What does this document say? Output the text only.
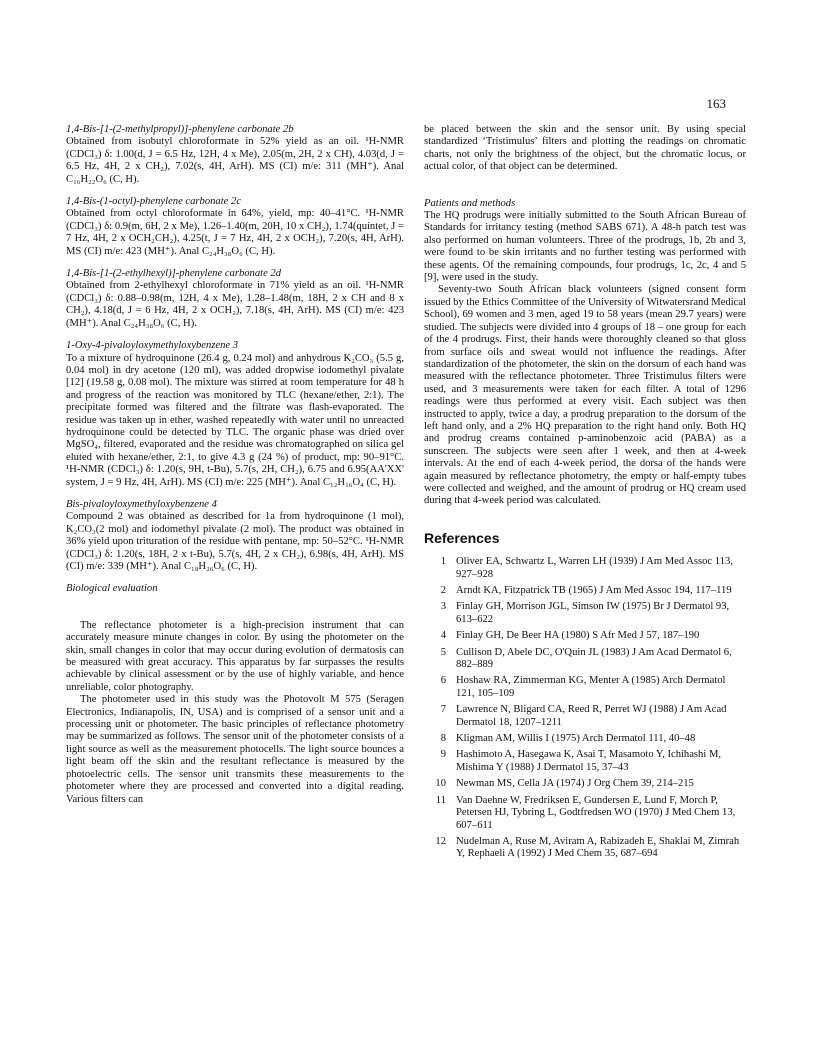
163

1,4-Bis-[1-(2-methylpropyl)]-phenylene carbonate 2b

Obtained from isobutyl chloroformate in 52% yield as an oil. ¹H-NMR (CDCl₃) δ: 1.00(d, J = 6.5 Hz, 12H, 4 x Me), 2.05(m, 2H, 2 x CH), 4.03(d, J = 6.5 Hz, 4H, 2 x CH₂), 7.02(s, 4H, ArH). MS (CI) m/e: 311 (MH⁺). Anal C₁₆H₂₂O₆ (C, H).

1,4-Bis-(1-octyl)-phenylene carbonate 2c

Obtained from octyl chloroformate in 64%, yield, mp: 40–41°C. ¹H-NMR (CDCl₃) δ: 0.9(m, 6H, 2 x Me), 1.26–1.40(m, 20H, 10 x CH₂), 1.74(quintet, J = 7 Hz, 4H, 2 x OCH₂CH₂), 4.25(t, J = 7 Hz, 4H, 2 x OCH₂), 7.20(s, 4H, ArH). MS (CI) m/e: 423 (MH⁺). Anal C₂₄H₃₈O₆ (C, H).

1,4-Bis-[1-(2-ethylhexyl)]-phenylene carbonate 2d

Obtained from 2-ethylhexyl chloroformate in 71% yield as an oil. ¹H-NMR (CDCl₃) δ: 0.88–0.98(m, 12H, 4 x Me), 1.28–1.48(m, 18H, 2 x CH and 8 x CH₂), 4.18(d, J = 6 Hz, 4H, 2 x OCH₂), 7.18(s, 4H, ArH). MS (CI) m/e: 423 (MH⁺). Anal C₂₄H₃₈O₆ (C, H).

1-Oxy-4-pivaloyloxymethyloxybenzene 3

To a mixture of hydroquinone (26.4 g, 0.24 mol) and anhydrous K₂CO₃ (5.5 g, 0.04 mol) in dry acetone (120 ml), was added dropwise iodomethyl pivalate [12] (19.58 g, 0.08 mol). The mixture was stirred at room temperature for 48 h and progress of the reaction was monitored by TLC (hexane/ether, 2:1). The precipitate formed was filtered and the filtrate was flash-evaporated. The residue was taken up in ether, washed repeatedly with water until no unreacted hydroquinone could be detected by TLC. The organic phase was dried over MgSO₄, filtered, evaporated and the residue was chromatographed on silica gel eluted with hexane/ether, 2:1, to give 4.3 g (24 %) of product, mp: 90–91°C. ¹H-NMR (CDCl₃) δ: 1.20(s, 9H, t-Bu), 5.7(s, 2H, CH₂), 6.75 and 6.95(AA'XX' system, J = 9 Hz, 4H, ArH). MS (CI) m/e: 225 (MH⁺). Anal C₁₂H₁₆O₄ (C, H).

Bis-pivaloyloxymethyloxybenzene 4

Compound 2 was obtained as described for 1a from hydroquinone (1 mol), K₂CO₃(2 mol) and iodomethyl pivalate (2 mol). The product was obtained in 36% yield upon trituration of the residue with pentane, mp: 50–52°C. ¹H-NMR (CDCl₃) δ: 1.20(s, 18H, 2 x t-Bu), 5.7(s, 4H, 2 x CH₂), 6.98(s, 4H, ArH). MS (CI) m/e: 339 (MH⁺). Anal C₁₈H₂₆O₆ (C, H).

Biological evaluation

The reflectance photometer is a high-precision instrument that can accurately measure minute changes in color. By using the photometer on the skin, small changes in color that may occur during evolution of dermatosis can be measured with great accuracy. This apparatus by far surpasses the results achievable by clinical assessment or by the use of highly variable, and hence unreliable, color photography.

The photometer used in this study was the Photovolt M 575 (Seragen Electronics, Indianapolis, IN, USA) and is comprised of a sensor unit and a processing unit or photometer. The basic principles of reflectance photometry may be summarized as follows. The sensor unit of the photometer consists of a light source as well as the measurement photocells. The light source bounces a light beam off the skin and the resultant reflectance is measured by the photoelectric cells. The sensor unit transmits these measurements to the photometer where they are processed and converted into a digital reading. Various filters can

be placed between the skin and the sensor unit. By using special standardized ‘Tristimulus’ filters and plotting the readings on chromatic charts, not only the brightness of the object, but the chromatic locus, or actual color, of that object can be determined.

Patients and methods

The HQ prodrugs were initially submitted to the South African Bureau of Standards for irritancy testing (method SABS 671). A 48-h patch test was also performed on human volunteers. Three of the prodrugs, 1b, 2b and 3, were found to be skin irritants and no further testing was performed with these agents. Of the remaining compounds, four prodrugs, 1c, 2c, 4 and 5 [9], were used in the study.

Seventy-two South African black volunteers (signed consent form issued by the Ethics Committee of the University of Witwatersrand Medical School), 69 women and 3 men, aged 19 to 58 years (mean 29.7 years) were studied. The subjects were divided into 4 groups of 18 – one group for each of the 4 prodrugs. First, their hands were thoroughly cleaned so that gloss from surface oils and sweat would not influence the readings. After standardization of the photometer, the skin on the dorsum of each hand was measured with the reflectance photometer. Three Tristimulus filters were used, and 3 measurements were taken for each filter. A total of 1296 readings were thus performed at every visit. Each subject was then instructed to apply, twice a day, a prodrug preparation to the dorsum of the left hand only, and a 2% HQ preparation to the right hand only. Both HQ and prodrug creams contained p-aminobenzoic acid (PABA) as a sunscreen. The subjects were seen after 1 week, and then at 4-week intervals. At the end of each 4-week period, the dorsa of the hands were again measured by reflectance photometry, the empty or half-empty tubes were collected and weighed, and the amount of prodrug or HQ cream used during that 4-week period was calculated.

References

1 Oliver EA, Schwartz L, Warren LH (1939) J Am Med Assoc 113, 927–928
2 Arndt KA, Fitzpatrick TB (1965) J Am Med Assoc 194, 117–119
3 Finlay GH, Morrison JGL, Simson IW (1975) Br J Dermatol 93, 613–622
4 Finlay GH, De Beer HA (1980) S Afr Med J 57, 187–190
5 Cullison D, Abele DC, O'Quin JL (1983) J Am Acad Dermatol 6, 882–889
6 Hoshaw RA, Zimmerman KG, Menter A (1985) Arch Dermatol 121, 105–109
7 Lawrence N, Bligard CA, Reed R, Perret WJ (1988) J Am Acad Dermatol 18, 1207–1211
8 Kligman AM, Willis I (1975) Arch Dermatol 111, 40–48
9 Hashimoto A, Hasegawa K, Asai T, Masamoto Y, Ichihashi M, Mishima Y (1988) J Dermatol 15, 37–43
10 Newman MS, Cella JA (1974) J Org Chem 39, 214–215
11 Van Daehne W, Fredriksen E, Gundersen E, Lund F, Morch P, Petersen HJ, Tybring L, Godtfredsen WO (1970) J Med Chem 13, 607–611
12 Nudelman A, Ruse M, Aviram A, Rabizadeh E, Shaklai M, Zimrah Y, Rephaeli A (1992) J Med Chem 35, 687–694
